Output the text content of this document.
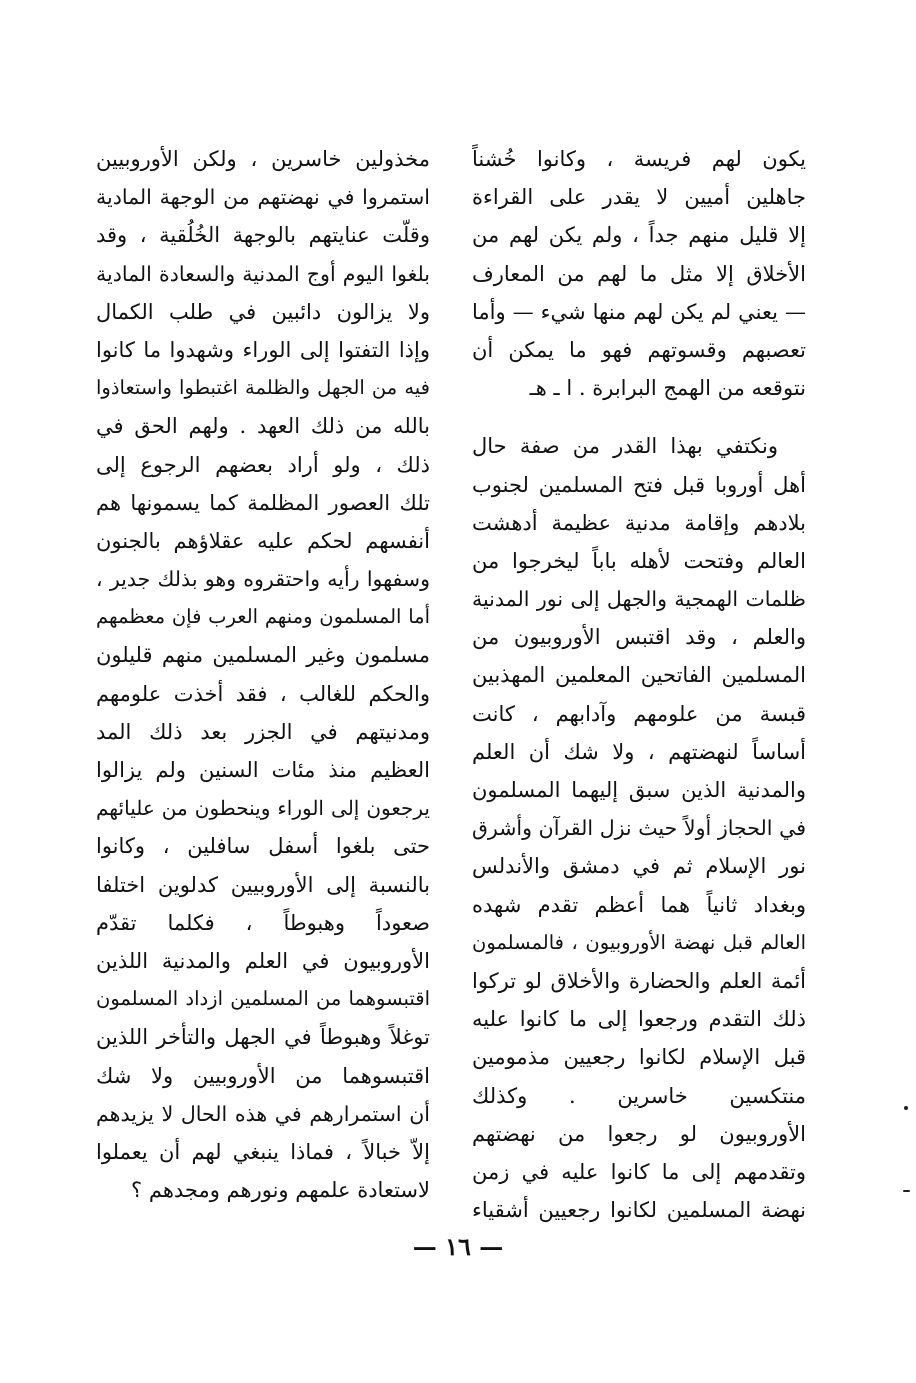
يكون لهم فريسة ، وكانوا خُشناً
جاهلين أميين لا يقدر على القراءة
إلا قليل منهم جداً ، ولم يكن لهم من
الأخلاق إلا مثل ما لهم من المعارف
— يعني لم يكن لهم منها شيء — وأما
تعصبهم وقسوتهم فهو ما يمكن أن
نتوقعه من الهمج البرابرة . ا ـ هـ
ونكتفي بهذا القدر من صفة حال
أهل أوروبا قبل فتح المسلمين لجنوب
بلادهم وإقامة مدنية عظيمة أدهشت
العالم وفتحت لأهله باباً ليخرجوا من
ظلمات الهمجية والجهل إلى نور المدنية
والعلم ، وقد اقتبس الأوروبيون من
المسلمين الفاتحين المعلمين المهذبين
قبسة من علومهم وآدابهم ، كانت
أساساً لنهضتهم ، ولا شك أن العلم
والمدنية الذين سبق إليهما المسلمون
في الحجاز أولاً حيث نزل القرآن وأشرق
نور الإسلام ثم في دمشق والأندلس
وبغداد ثانياً هما أعظم تقدم شهده
العالم قبل نهضة الأوروبيون ، فالمسلمون
أئمة العلم والحضارة والأخلاق لو تركوا
ذلك التقدم ورجعوا إلى ما كانوا عليه
قبل الإسلام لكانوا رجعيين مذمومين
منتكسين خاسرين . وكذلك
الأوروبيون لو رجعوا من نهضتهم
وتقدمهم إلى ما كانوا عليه في زمن
نهضة المسلمين لكانوا رجعيين أشقياء
مخذولين خاسرين ، ولكن الأوروبيين
استمروا في نهضتهم من الوجهة المادية
وقلّت عنايتهم بالوجهة الخُلُقية ، وقد
بلغوا اليوم أوج المدنية والسعادة المادية
ولا يزالون دائبين في طلب الكمال
وإذا التفتوا إلى الوراء وشهدوا ما كانوا
فيه من الجهل والظلمة اغتبطوا واستعاذوا
بالله من ذلك العهد . ولهم الحق في
ذلك ، ولو أراد بعضهم الرجوع إلى
تلك العصور المظلمة كما يسمونها هم
أنفسهم لحكم عليه عقلاؤهم بالجنون
وسفهوا رأيه واحتقروه وهو بذلك جدير ،
أما المسلمون ومنهم العرب فإن معظمهم
مسلمون وغير المسلمين منهم قليلون
والحكم للغالب ، فقد أخذت علومهم
ومدنيتهم في الجزر بعد ذلك المد
العظيم منذ مئات السنين ولم يزالوا
يرجعون إلى الوراء وينحطون من عليائهم
حتى بلغوا أسفل سافلين ، وكانوا
بالنسبة إلى الأوروبيين كدلوين اختلفا
صعوداً وهبوطاً ، فكلما تقدّم
الأوروبيون في العلم والمدنية اللذين
اقتبسوهما من المسلمين ازداد المسلمون
توغلاً وهبوطاً في الجهل والتأخر اللذين
اقتبسوهما من الأوروبيين ولا شك
أن استمرارهم في هذه الحال لا يزيدهم
إلاّ خبالاً ، فماذا ينبغي لهم أن يعملوا
لاستعادة علمهم ونورهم ومجدهم ؟
— ١٦ —
